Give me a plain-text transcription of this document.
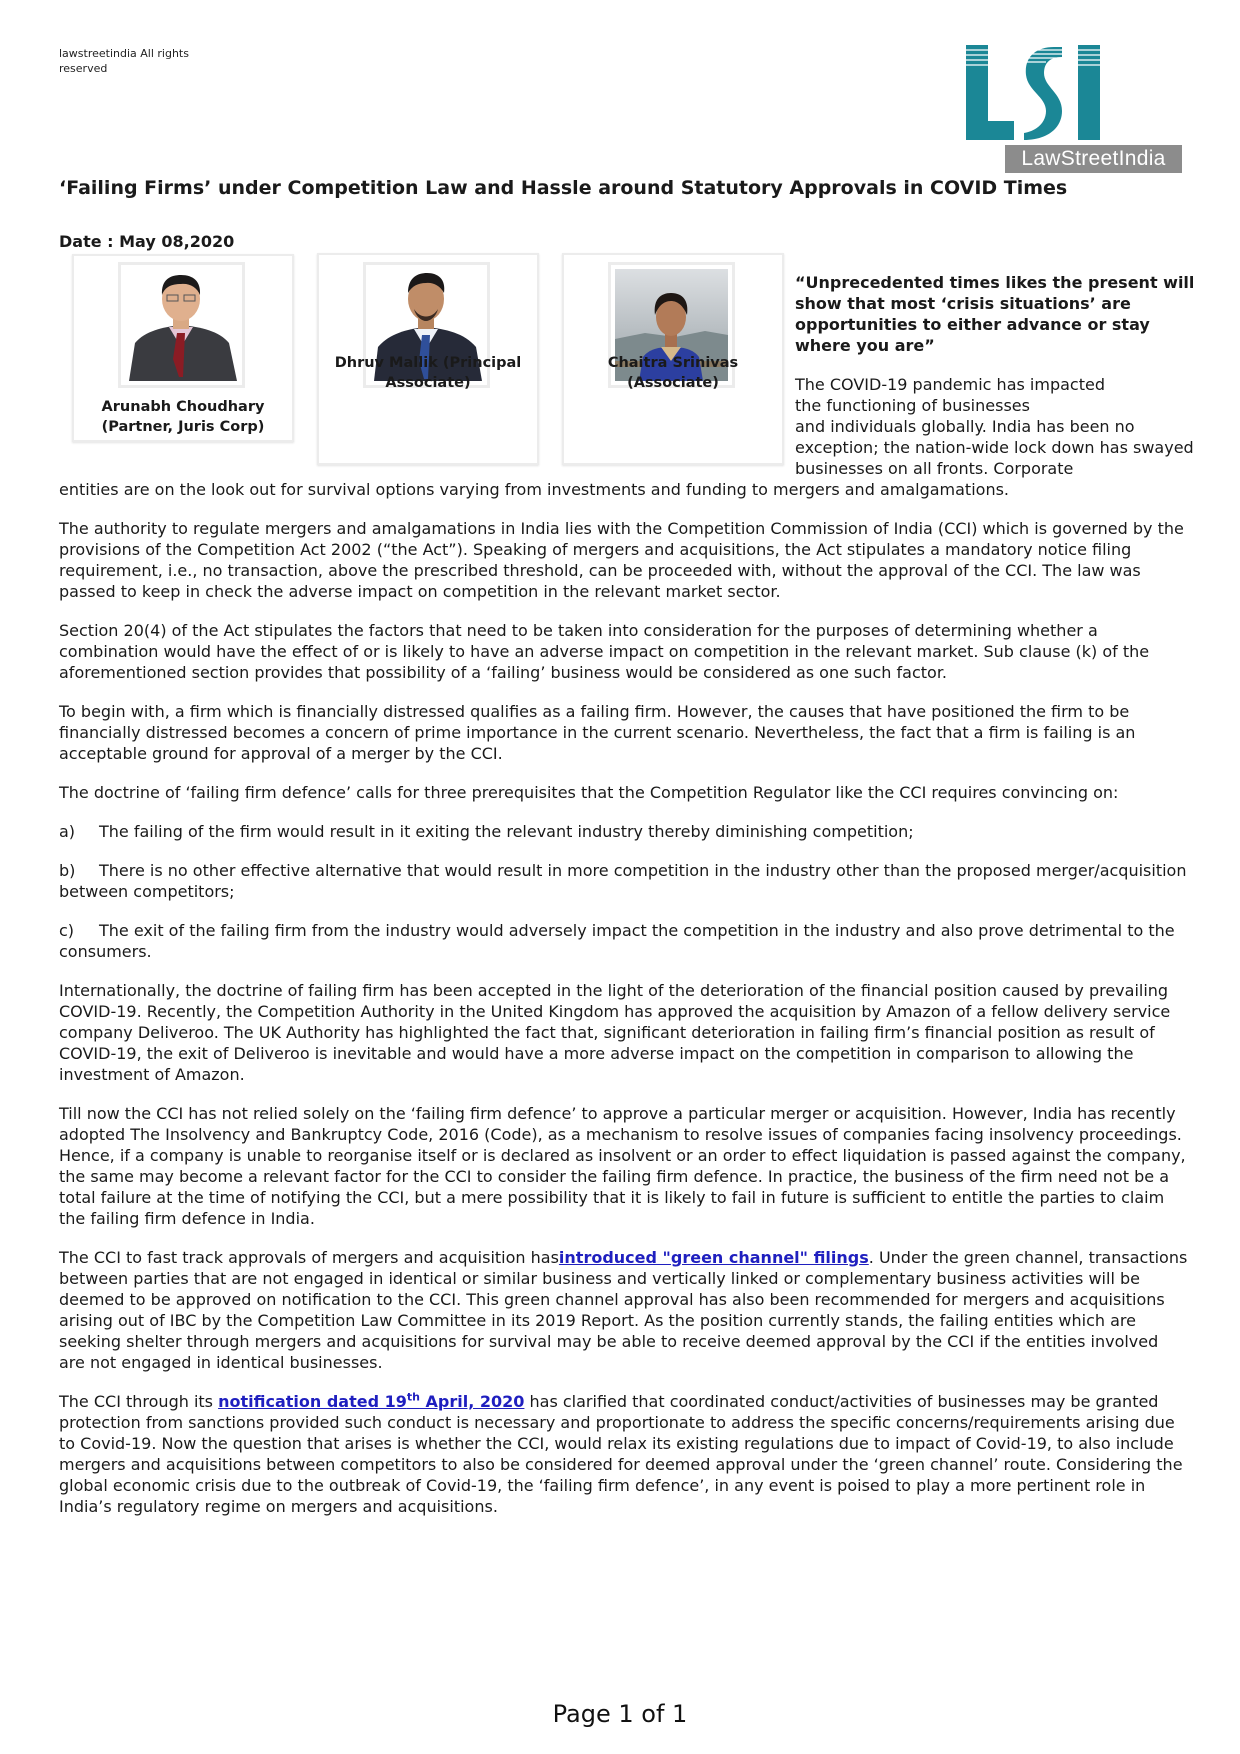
lawstreetindia All rights reserved
LawStreetIndia
‘Failing Firms’ under Competition Law and Hassle around Statutory Approvals in COVID Times
Date : May 08,2020
Arunabh Choudhary
(Partner, Juris Corp)
Dhruv Mallik (Principal
Associate)
Chaitra Srinivas
(Associate)
“Unprecedented times likes the present will show that most ‘crisis situations’ are opportunities to either advance or stay where you are”
The COVID-19 pandemic has impacted
the functioning of businesses
and individuals globally. India has been no exception; the nation-wide lock down has swayed businesses on all fronts. Corporate

entities are on the look out for survival options varying from investments and funding to mergers and amalgamations.

The authority to regulate mergers and amalgamations in India lies with the Competition Commission of India (CCI) which is governed by the provisions of the Competition Act 2002 (“the Act”). Speaking of mergers and acquisitions, the Act stipulates a mandatory notice filing requirement, i.e., no transaction, above the prescribed threshold, can be proceeded with, without the approval of the CCI. The law was passed to keep in check the adverse impact on competition in the relevant market sector.

Section 20(4) of the Act stipulates the factors that need to be taken into consideration for the purposes of determining whether a combination would have the effect of or is likely to have an adverse impact on competition in the relevant market. Sub clause (k) of the aforementioned section provides that possibility of a ‘failing’ business would be considered as one such factor.

To begin with, a firm which is financially distressed qualifies as a failing firm. However, the causes that have positioned the firm to be financially distressed becomes a concern of prime importance in the current scenario. Nevertheless, the fact that a firm is failing is an acceptable ground for approval of a merger by the CCI.

The doctrine of ‘failing firm defence’ calls for three prerequisites that the Competition Regulator like the CCI requires convincing on:

a) The failing of the firm would result in it exiting the relevant industry thereby diminishing competition;

b) There is no other effective alternative that would result in more competition in the industry other than the proposed merger/acquisition between competitors;

c) The exit of the failing firm from the industry would adversely impact the competition in the industry and also prove detrimental to the consumers.

Internationally, the doctrine of failing firm has been accepted in the light of the deterioration of the financial position caused by prevailing COVID-19. Recently, the Competition Authority in the United Kingdom has approved the acquisition by Amazon of a fellow delivery service company Deliveroo. The UK Authority has highlighted the fact that, significant deterioration in failing firm’s financial position as result of COVID-19, the exit of Deliveroo is inevitable and would have a more adverse impact on the competition in comparison to allowing the investment of Amazon.

Till now the CCI has not relied solely on the ‘failing firm defence’ to approve a particular merger or acquisition. However, India has recently adopted The Insolvency and Bankruptcy Code, 2016 (Code), as a mechanism to resolve issues of companies facing insolvency proceedings. Hence, if a company is unable to reorganise itself or is declared as insolvent or an order to effect liquidation is passed against the company, the same may become a relevant factor for the CCI to consider the failing firm defence. In practice, the business of the firm need not be a total failure at the time of notifying the CCI, but a mere possibility that it is likely to fail in future is sufficient to entitle the parties to claim the failing firm defence in India.

The CCI to fast track approvals of mergers and acquisition hasintroduced "green channel" filings. Under the green channel, transactions between parties that are not engaged in identical or similar business and vertically linked or complementary business activities will be deemed to be approved on notification to the CCI. This green channel approval has also been recommended for mergers and acquisitions arising out of IBC by the Competition Law Committee in its 2019 Report. As the position currently stands, the failing entities which are seeking shelter through mergers and acquisitions for survival may be able to receive deemed approval by the CCI if the entities involved are not engaged in identical businesses.

The CCI through its notification dated 19th April, 2020 has clarified that coordinated conduct/activities of businesses may be granted protection from sanctions provided such conduct is necessary and proportionate to address the specific concerns/requirements arising due to Covid-19. Now the question that arises is whether the CCI, would relax its existing regulations due to impact of Covid-19, to also include mergers and acquisitions between competitors to also be considered for deemed approval under the ‘green channel’ route. Considering the global economic crisis due to the outbreak of Covid-19, the ‘failing firm defence’, in any event is poised to play a more pertinent role in India’s regulatory regime on mergers and acquisitions.

Page 1 of 1
